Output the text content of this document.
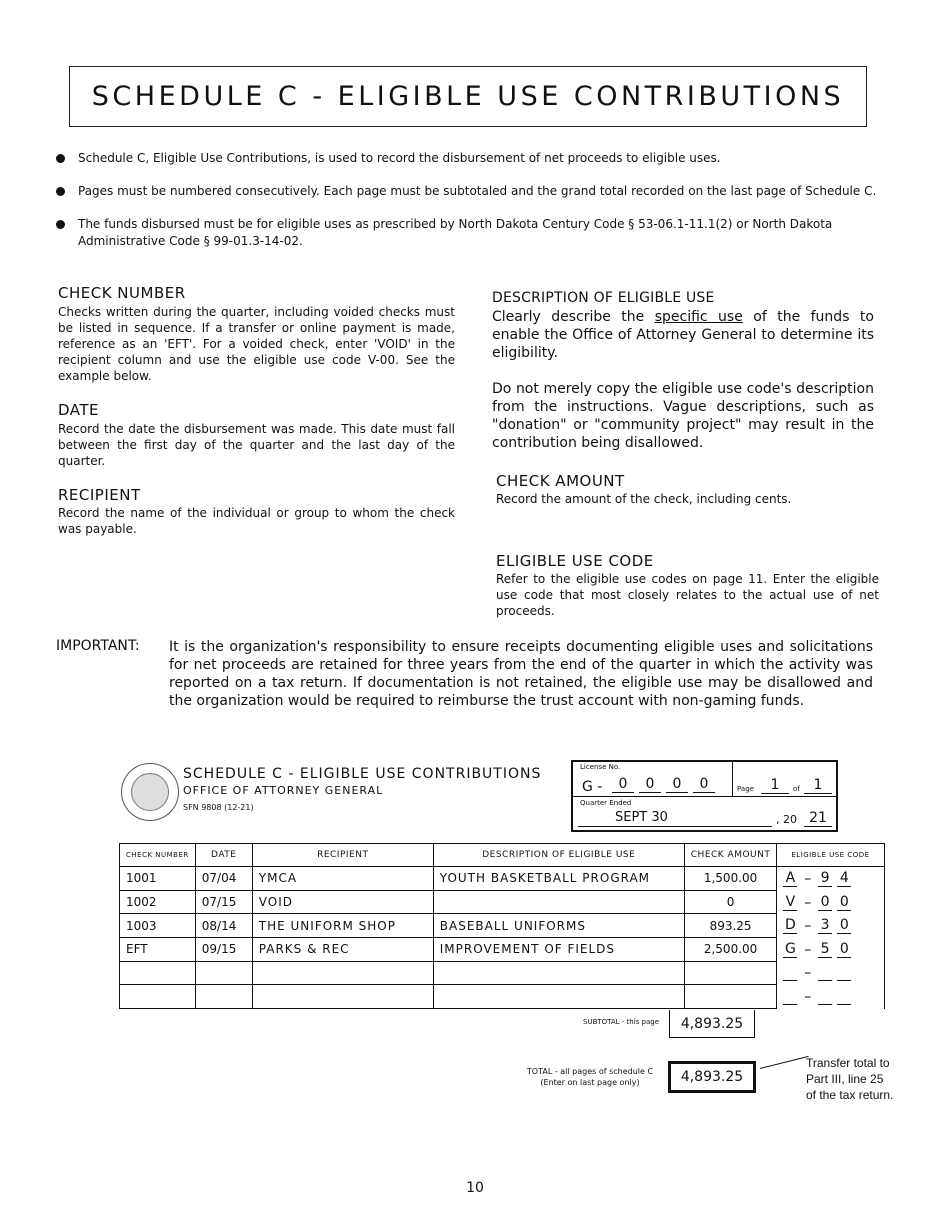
SCHEDULE C - ELIGIBLE USE CONTRIBUTIONS
Schedule C, Eligible Use Contributions, is used to record the disbursement of net proceeds to eligible uses.
Pages must be numbered consecutively. Each page must be subtotaled and the grand total recorded on the last page of Schedule C.
The funds disbursed must be for eligible uses as prescribed by North Dakota Century Code § 53-06.1-11.1(2) or North Dakota
Administrative Code § 99-01.3-14-02.
CHECK NUMBER
Checks written during the quarter, including voided checks must be listed in sequence. If a transfer or online payment is made, reference as an 'EFT'. For a voided check, enter 'VOID' in the recipient column and use the eligible use code V-00. See the example below.
DATE
Record the date the disbursement was made. This date must fall between the first day of the quarter and the last day of the quarter.
RECIPIENT
Record the name of the individual or group to whom the check was payable.
DESCRIPTION OF ELIGIBLE USE
Clearly describe the specific use of the funds to enable the Office of Attorney General to determine its eligibility.
Do not merely copy the eligible use code's description from the instructions. Vague descriptions, such as "donation" or "community project" may result in the contribution being disallowed.
CHECK AMOUNT
Record the amount of the check, including cents.
ELIGIBLE USE CODE
Refer to the eligible use codes on page 11. Enter the eligible use code that most closely relates to the actual use of net proceeds.
IMPORTANT: It is the organization's responsibility to ensure receipts documenting eligible uses and solicitations for net proceeds are retained for three years from the end of the quarter in which the activity was reported on a tax return. If documentation is not retained, the eligible use may be disallowed and the organization would be required to reimburse the trust account with non-gaming funds.
SCHEDULE C - ELIGIBLE USE CONTRIBUTIONS
OFFICE OF ATTORNEY GENERAL
SFN 9808 (12-21)
License No.
G -	0	0	0	0	Page	1	of 1
Quarter Ended
SEPT 30	, 20 21
CHECK NUMBER	DATE	RECIPIENT	DESCRIPTION OF ELIGIBLE USE	CHECK AMOUNT	ELIGIBLE USE CODE
1001	07/04	YMCA	YOUTH BASKETBALL PROGRAM	1,500.00	A – 9 4

1002	07/15	VOID		0	V – 0 0

1003	08/14	THE UNIFORM SHOP	BASEBALL UNIFORMS	893.25	D – 3 0

EFT	09/15	PARKS & REC	IMPROVEMENT OF FIELDS	2,500.00	G – 5 0

					–

					–
SUBTOTAL - this page	4,893.25
TOTAL - all pages of schedule C
(Enter on last page only)	4,893.25
Transfer total to
Part III, line 25
of the tax return.
10
